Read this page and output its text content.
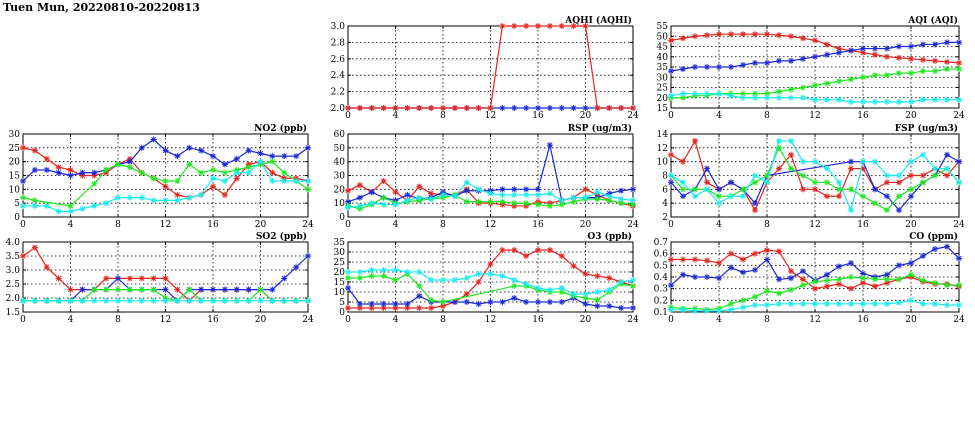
Tuen Mun, 20220810-20220813
AQHI (AQHI)
0	4	8	12	16	20	24
2.0
2.2
2.4
2.6
2.8
3.0
AQI (AQI)
0	4	8	12	16	20	24
15
20
25
30
35
40
45
50
55
NO2 (ppb)
0	4	8	12	16	20	24
0
5
10
15
20
25
30
RSP (ug/m3)
0	4	8	12	16	20	24
0
10
20
30
40
50
60
FSP (ug/m3)
0	4	8	12	16	20	24
2
4
6
8
10
12
14
SO2 (ppb)
0	4	8	12	16	20	24
1.5
2.0
2.5
3.0
3.5
4.0
O3 (ppb)
0	4	8	12	16	20	24
0
5
10
15
20
25
30
35
CO (ppm)
0	4	8	12	16	20	24
0.1
0.2
0.3
0.4
0.5
0.6
0.7
